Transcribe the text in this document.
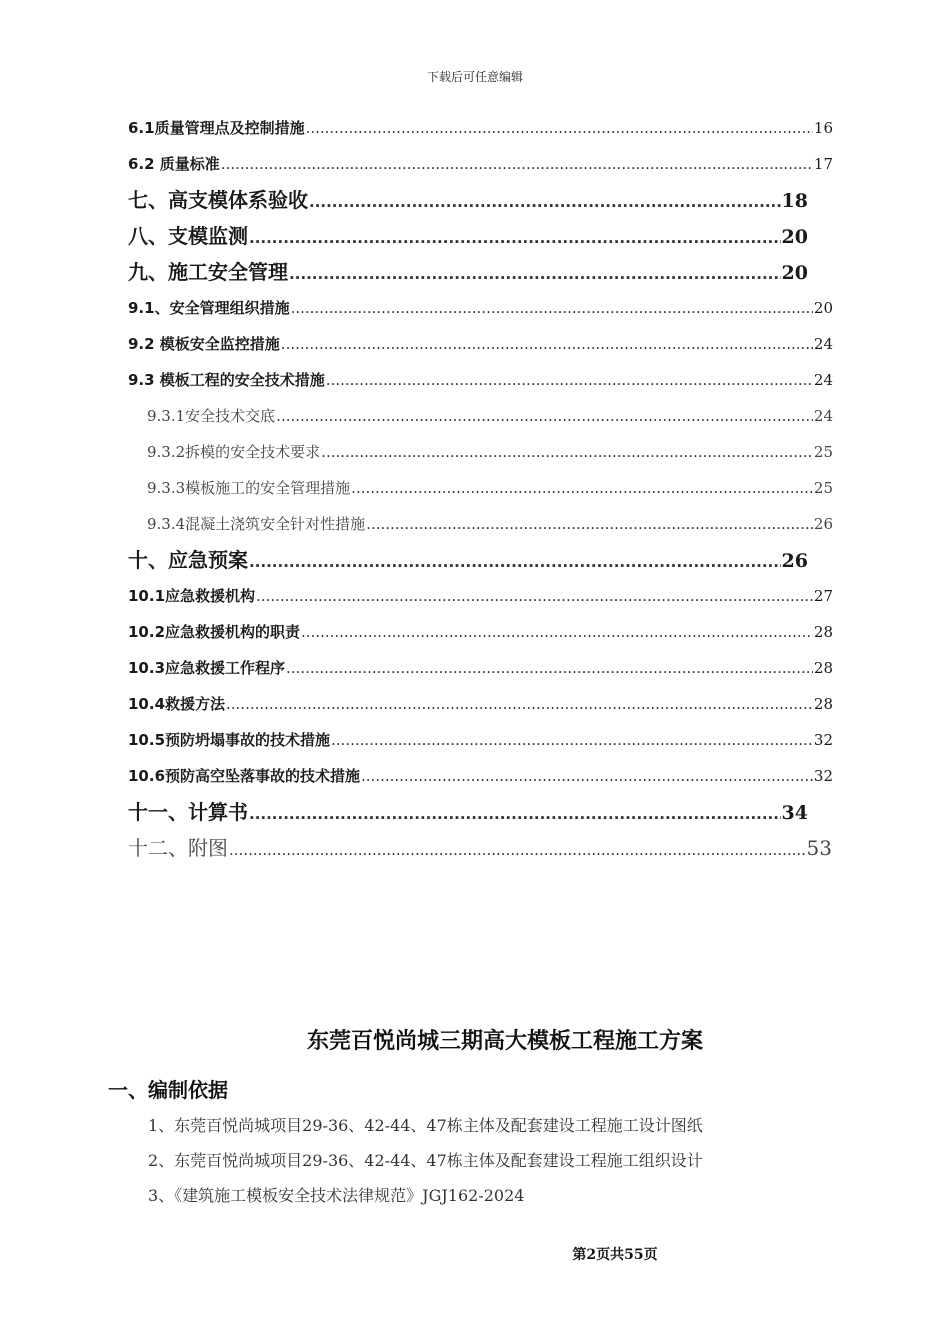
下载后可任意编辑
6.1质量管理点及控制措施 .....	16
6.2 质量标准 .....	17
七、高支模体系验收 .....	18
八、支模监测 .....	20
九、施工安全管理 .....	20
9.1、安全管理组织措施 .....	20
9.2 模板安全监控措施 .....	24
9.3 模板工程的安全技术措施 .....	24
9.3.1安全技术交底 .....	24
9.3.2拆模的安全技术要求 .....	25
9.3.3模板施工的安全管理措施 .....	25
9.3.4混凝土浇筑安全针对性措施 .....	26
十、应急预案 .....	26
10.1应急救援机构 .....	27
10.2应急救援机构的职责 .....	28
10.3应急救援工作程序 .....	28
10.4救援方法 .....	28
10.5预防坍塌事故的技术措施 .....	32
10.6预防高空坠落事故的技术措施 .....	32
十一、计算书 .....	34
十二、附图 .....	53
东莞百悦尚城三期高大模板工程施工方案
一、编制依据
1、东莞百悦尚城项目29-36、42-44、47栋主体及配套建设工程施工设计图纸
2、东莞百悦尚城项目29-36、42-44、47栋主体及配套建设工程施工组织设计
3、《建筑施工模板安全技术法律规范》JGJ162-2024
第2页共55页
